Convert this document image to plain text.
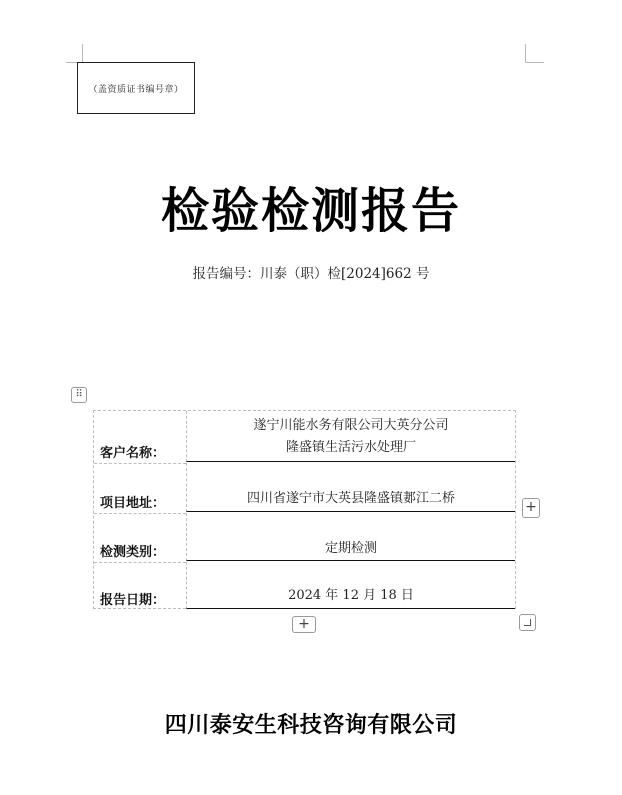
（盖资质证书编号章）
检验检测报告
报告编号：川泰（职）检[2024]662 号
⠿
客户名称：
遂宁川能水务有限公司大英分公司
隆盛镇生活污水处理厂
项目地址：	四川省遂宁市大英县隆盛镇郪江二桥
检测类别：	定期检测
报告日期：	2024 年 12 月 18 日
+
+
四川泰安生科技咨询有限公司
